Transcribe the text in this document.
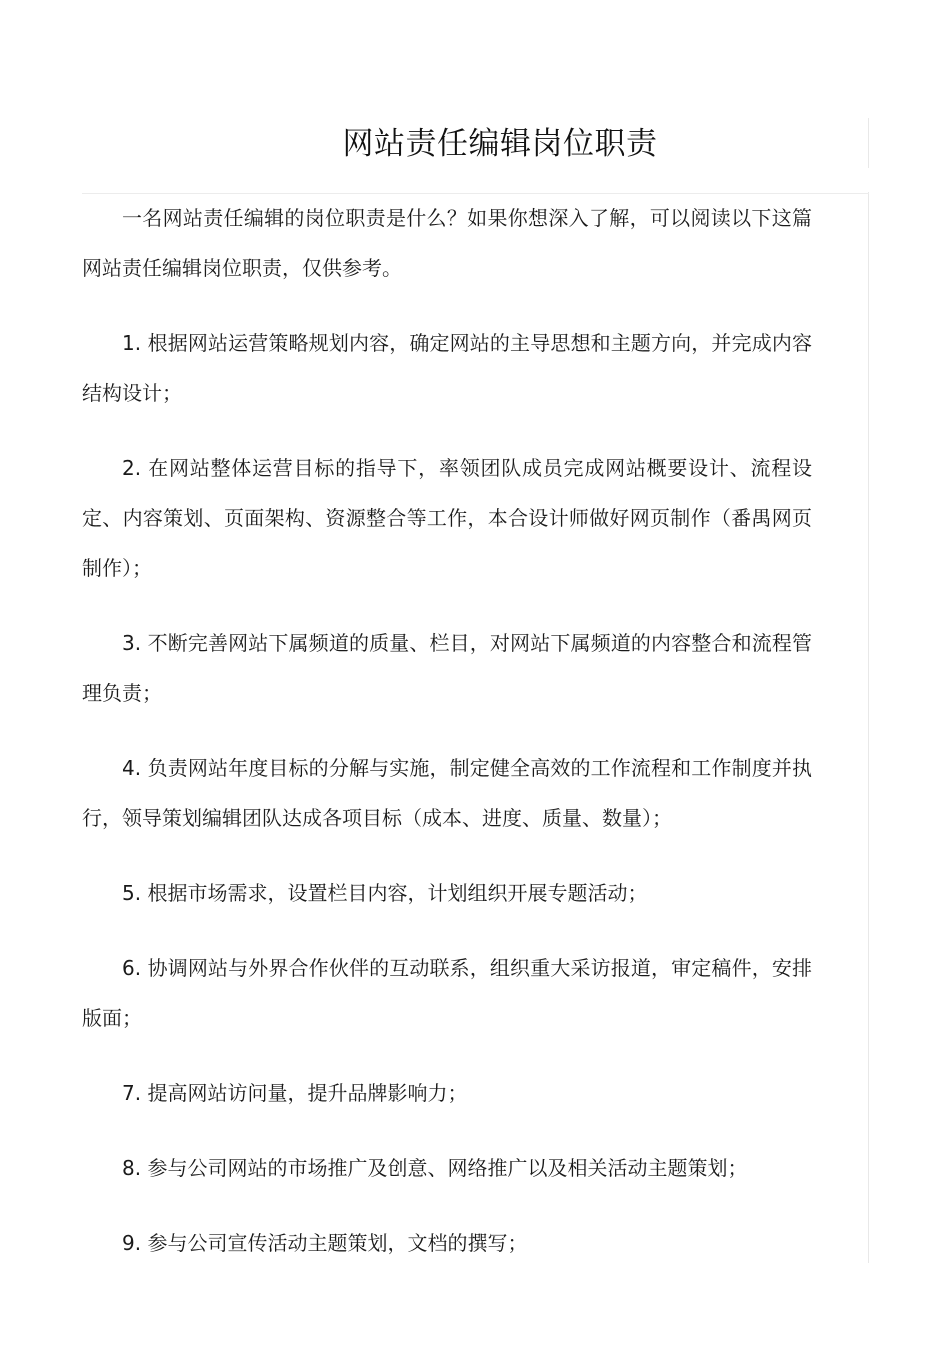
网站责任编辑岗位职责

一名网站责任编辑的岗位职责是什么？如果你想深入了解，可以阅读以下这篇网站责任编辑岗位职责，仅供参考。

1. 根据网站运营策略规划内容，确定网站的主导思想和主题方向，并完成内容结构设计；

2. 在网站整体运营目标的指导下，率领团队成员完成网站概要设计、流程设定、内容策划、页面架构、资源整合等工作，本合设计师做好网页制作（番禺网页制作）；

3. 不断完善网站下属频道的质量、栏目，对网站下属频道的内容整合和流程管理负责；

4. 负责网站年度目标的分解与实施，制定健全高效的工作流程和工作制度并执行，领导策划编辑团队达成各项目标（成本、进度、质量、数量）；

5. 根据市场需求，设置栏目内容，计划组织开展专题活动；

6. 协调网站与外界合作伙伴的互动联系，组织重大采访报道，审定稿件，安排版面；

7. 提高网站访问量，提升品牌影响力；

8. 参与公司网站的市场推广及创意、网络推广以及相关活动主题策划；

9. 参与公司宣传活动主题策划，文档的撰写；
